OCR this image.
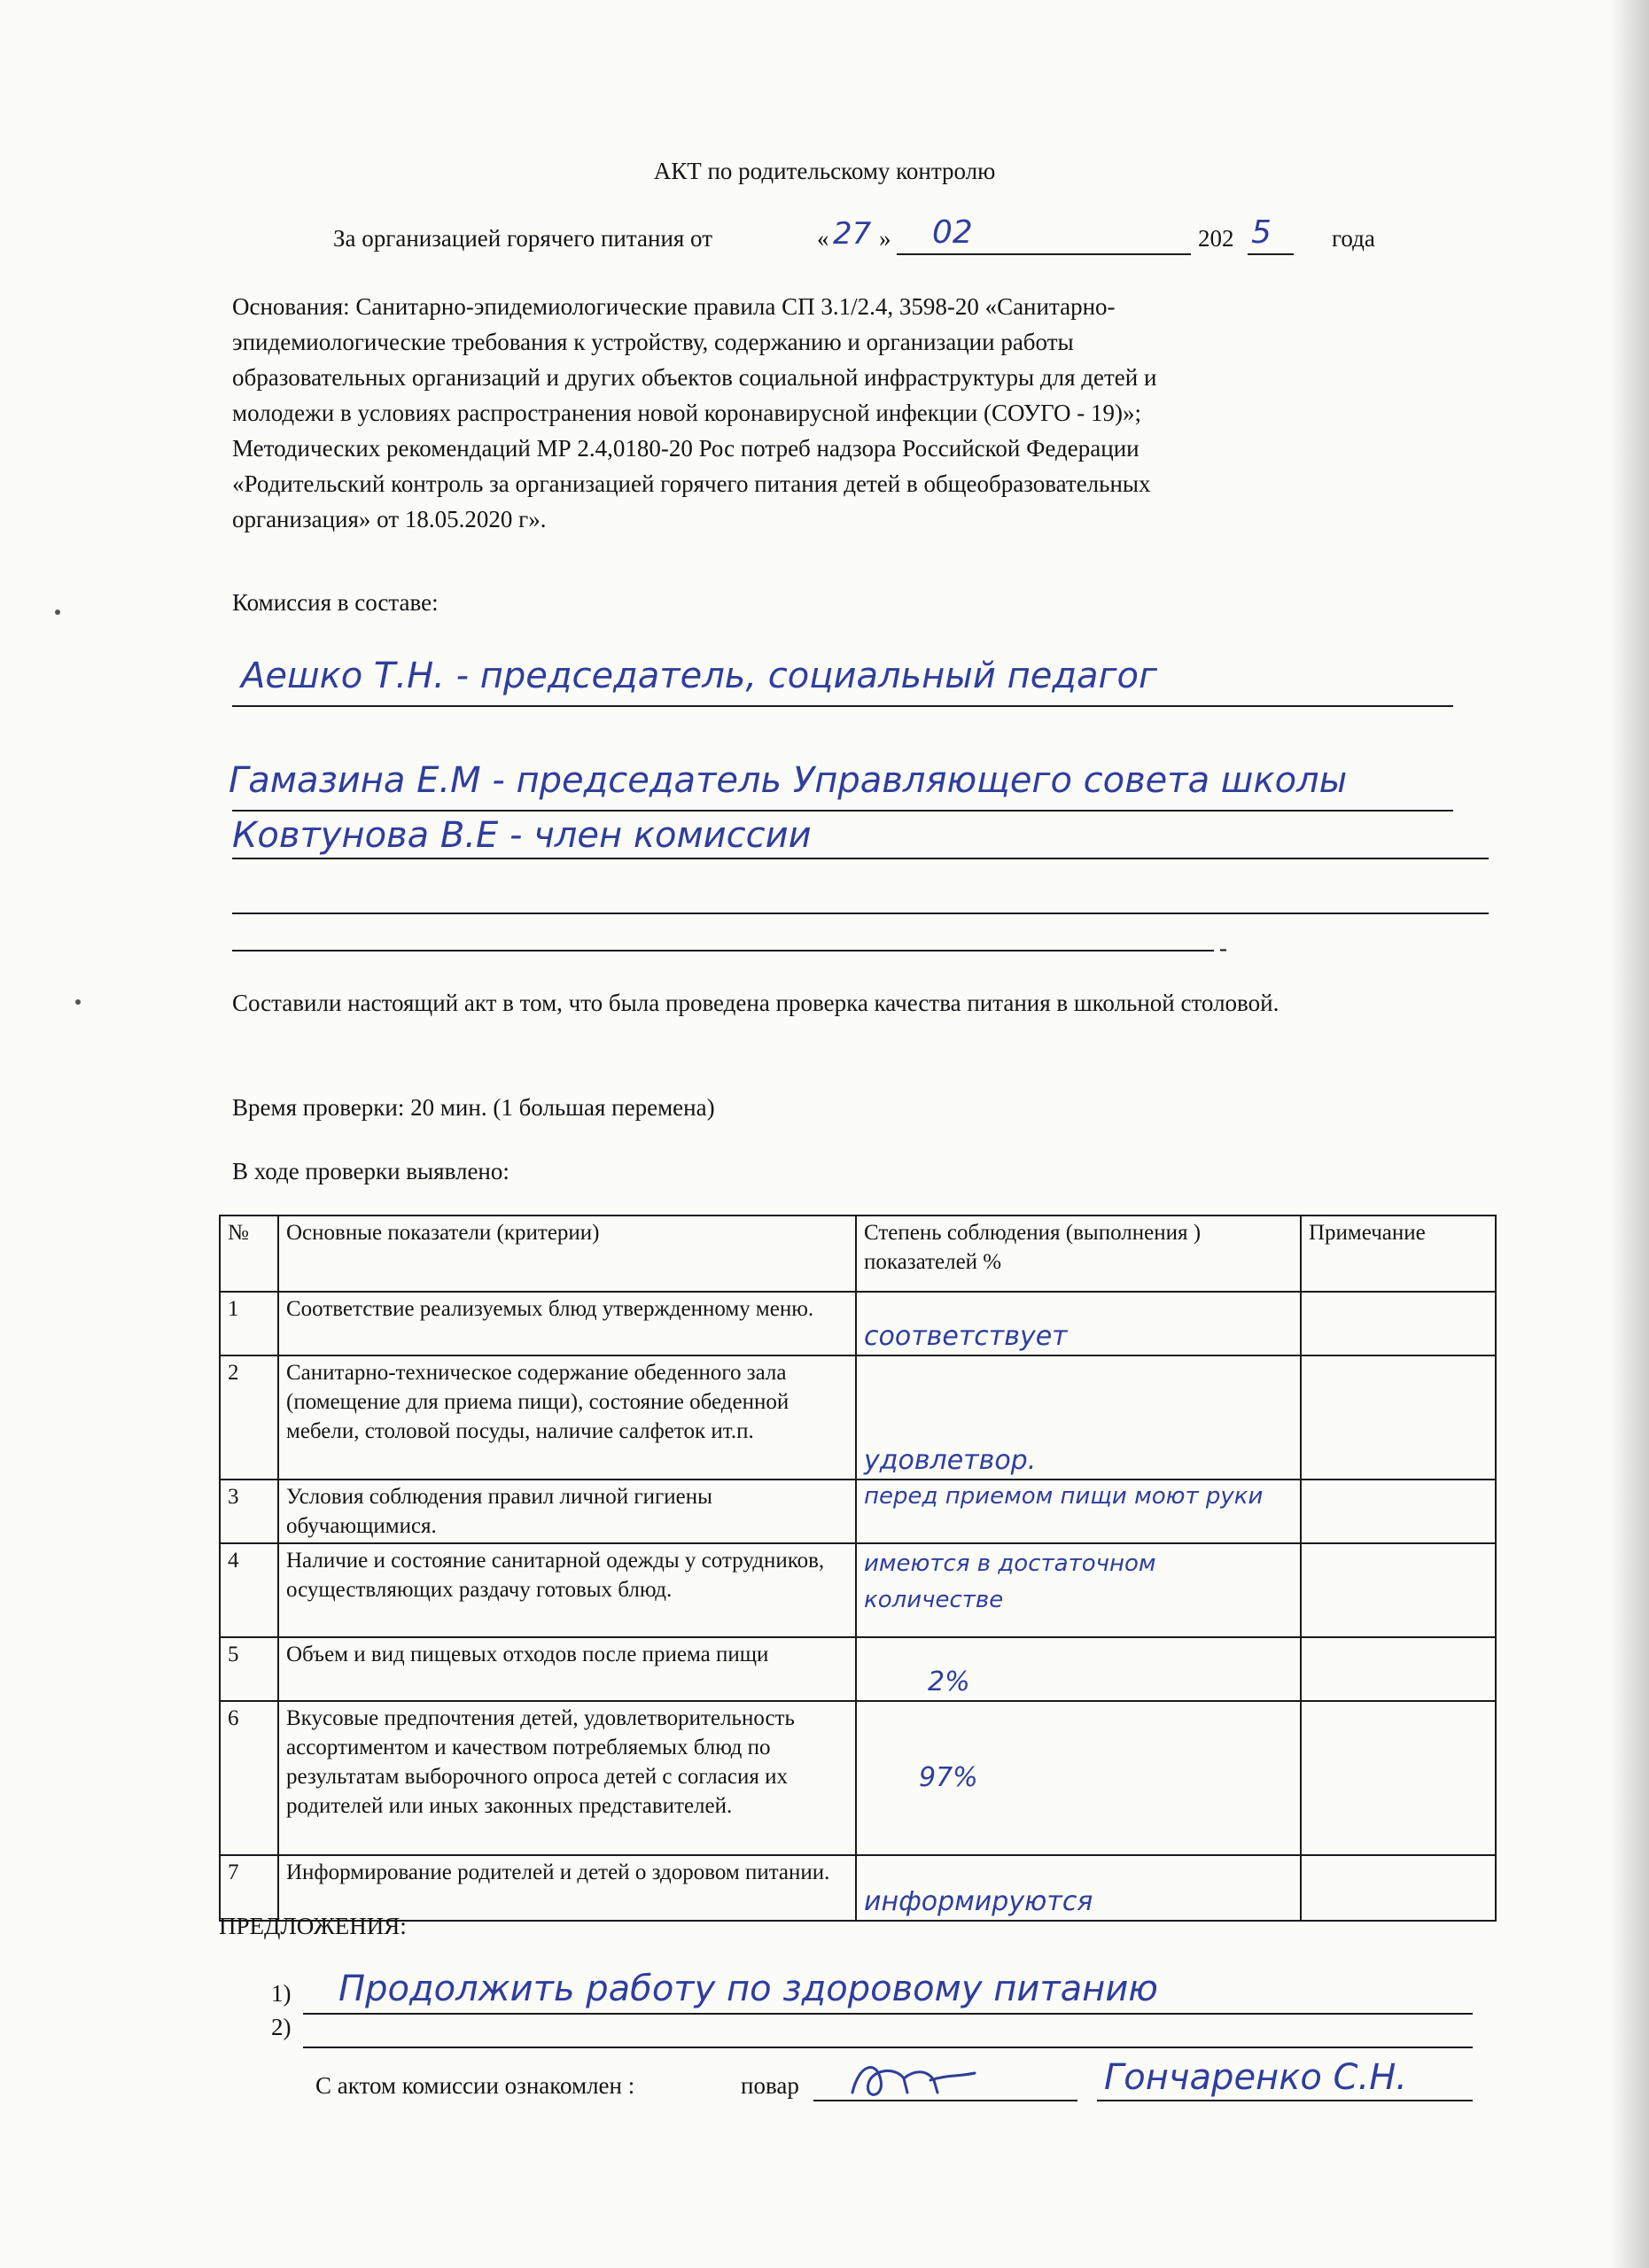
АКТ по родительскому контролю
За организацией горячего питания от	« 27 » 02	202 5	года

Основания: Санитарно-эпидемиологические правила СП 3.1/2.4, 3598-20 «Санитарно-

эпидемиологические требования к устройству, содержанию и организации работы

образовательных организаций и других объектов социальной инфраструктуры для детей и

молодежи в условиях распространения новой коронавирусной инфекции (СОУГО - 19)»;

Методических рекомендаций МР 2.4,0180-20 Рос потреб надзора Российской Федерации

«Родительский контроль за организацией горячего питания детей в общеобразовательных

организация» от 18.05.2020 г».

Комиссия в составе:
Аешко Т.Н. - председатель, социальный педагог
Гамазина Е.М - председатель Управляющего совета школы
Ковтунова В.Е - член комиссии
-
Составили настоящий акт в том, что была проведена проверка качества питания в школьной столовой.
Время проверки: 20 мин. (1 большая перемена)
В ходе проверки выявлено:
№	Основные показатели (критерии)	Степень соблюдения (выполнения ) показателей %	Примечание
1	Соответствие реализуемых блюд утвержденному меню.	соответствует	
2	Санитарно-техническое содержание обеденного зала (помещение для приема пищи), состояние обеденной мебели, столовой посуды, наличие салфеток ит.п.	удовлетвор.	
3	Условия соблюдения правил личной гигиены обучающимися.	перед приемом пищи моют руки	
4	Наличие и состояние санитарной одежды у сотрудников, осуществляющих раздачу готовых блюд.	имеются в достаточном количестве	
5	Объем и вид пищевых отходов после приема пищи	2%	
6	Вкусовые предпочтения детей, удовлетворительность ассортиментом и качеством потребляемых блюд по результатам выборочного опроса детей с согласия их родителей или иных законных представителей.	97%	
7	Информирование родителей и детей о здоровом питании.	информируются	
ПРЕДЛОЖЕНИЯ:
1) Продолжить работу по здоровому питанию
2)
С актом комиссии ознакомлен :	повар	Гончаренко С.Н.
